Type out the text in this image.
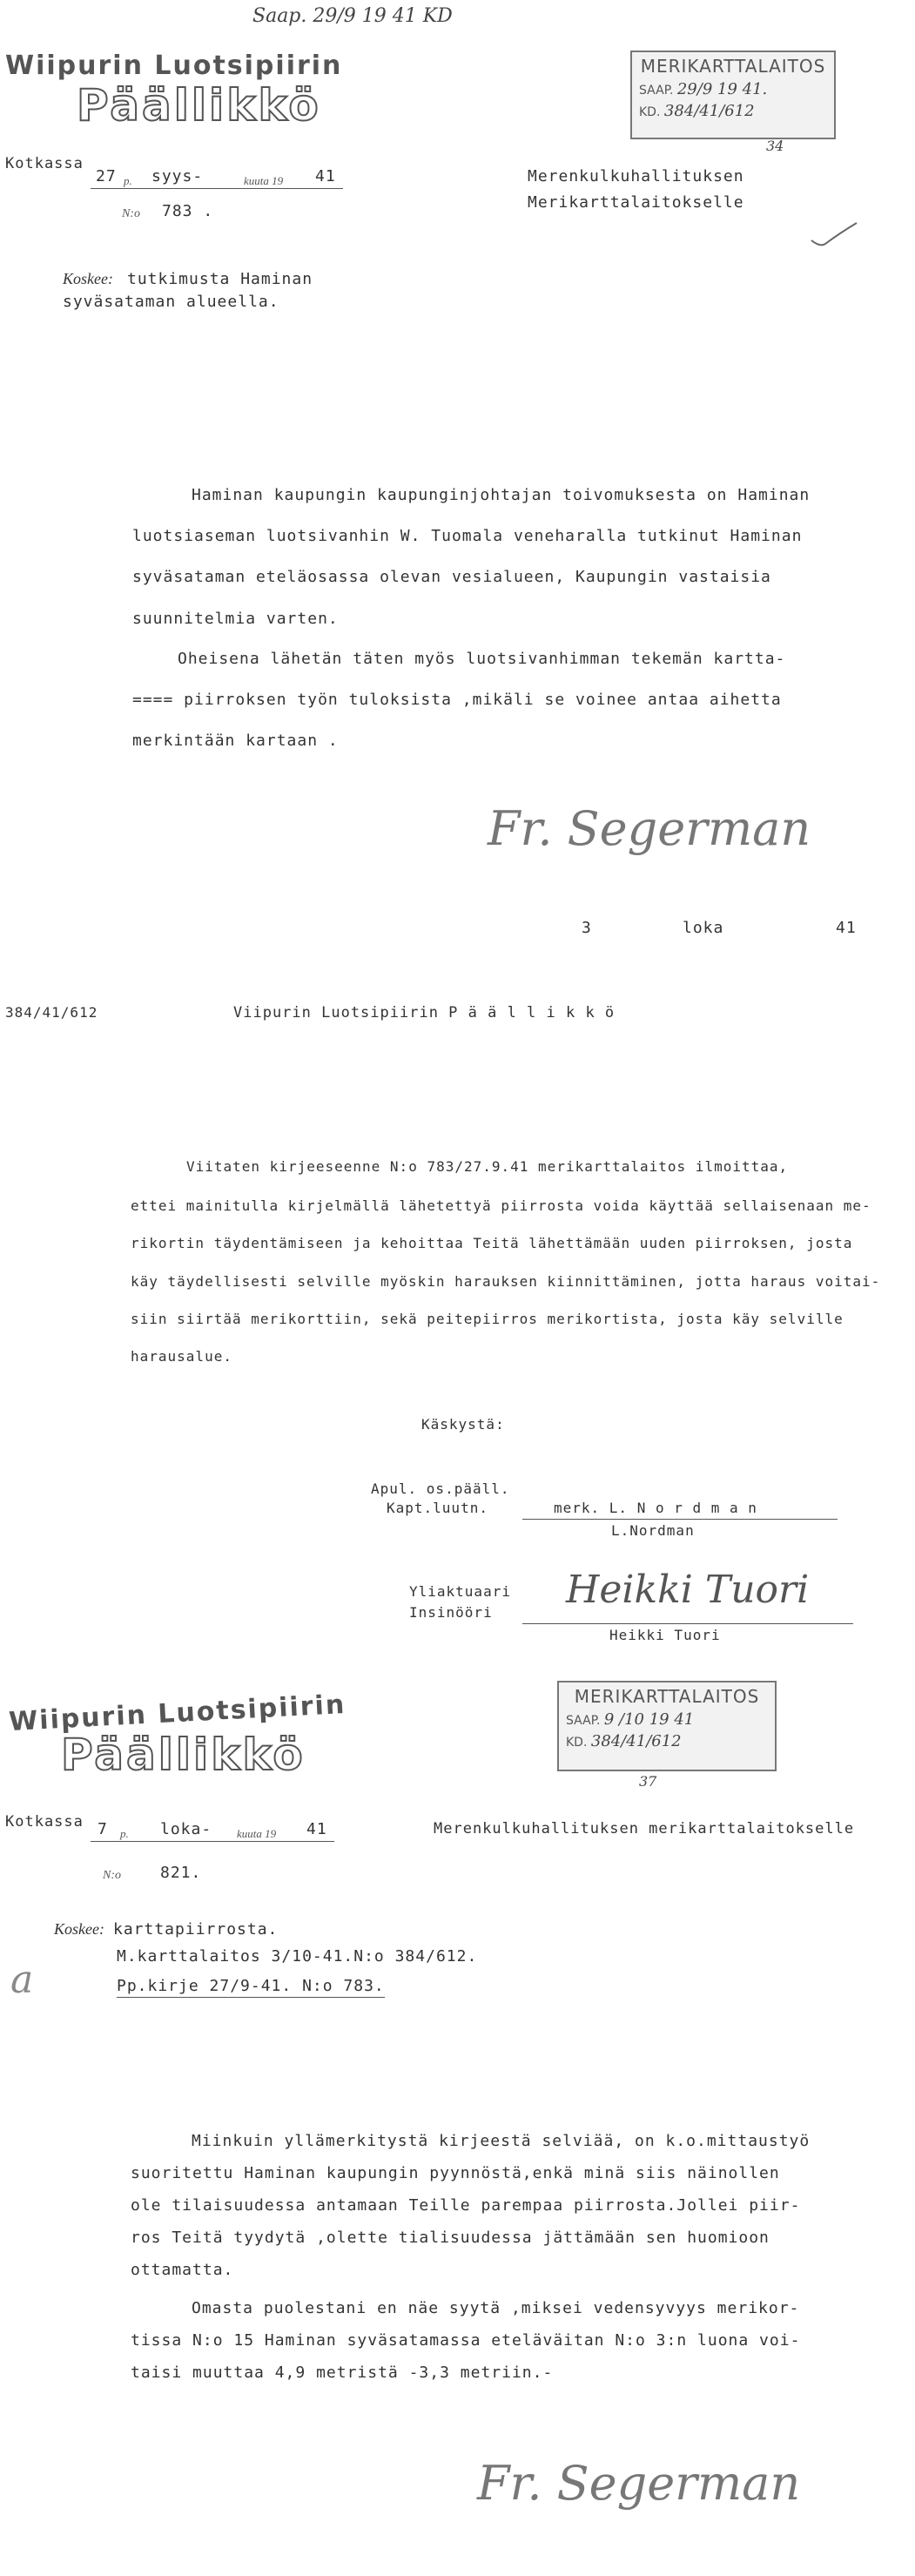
Saap. 29/9 19 41 KD
Wiipurin Luotsipiirin
Päällikkö
MERIKARTTALAITOS
SAAP. 29/9 19 41.
KD. 384/41/612
34
Kotkassa
27 p. syys-	kuuta 19 41
N:o 783 .
Merenkulkuhallituksen
Merikarttalaitokselle
Koskee: tutkimusta Haminan
syväsataman alueella.
Haminan kaupungin kaupunginjohtajan toivomuksesta on Haminan
luotsiaseman luotsivanhin W. Tuomala veneharalla tutkinut Haminan
syväsataman eteläosassa olevan vesialueen, Kaupungin vastaisia
suunnitelmia varten.
Oheisena lähetän täten myös luotsivanhimman tekemän kartta-
==== piirroksen työn tuloksista ,mikäli se voinee antaa aihetta
merkintään kartaan .
Fr. Segerman
3	loka	41
384/41/612	Viipurin Luotsipiirin P ä ä l l i k k ö
Viitaten kirjeeseenne N:o 783/27.9.41 merikarttalaitos ilmoittaa,
ettei mainitulla kirjelmällä lähetettyä piirrosta voida käyttää sellaisenaan me-
rikortin täydentämiseen ja kehoittaa Teitä lähettämään uuden piirroksen, josta
käy täydellisesti selville myöskin harauksen kiinnittäminen, jotta haraus voitai-
siin siirtää merikorttiin, sekä peitepiirros merikortista, josta käy selville
harausalue.
Käskystä:
Apul. os.pääll.
Kapt.luutn.	merk. L. N o r d m a n
L.Nordman
Yliaktuaari
Insinööri
Heikki Tuori
Heikki Tuori
Wiipurin Luotsipiirin
Päällikkö
MERIKARTTALAITOS
SAAP. 9 /10 19 41
KD. 384/41/612
37
Kotkassa 7 p. loka- kuuta 19 41
N:o	821.
Merenkulkuhallituksen merikarttalaitokselle
Koskee: karttapiirrosta.
M.karttalaitos 3/10-41.N:o 384/612.
Pp.kirje 27/9-41. N:o 783.
a
Miinkuin yllämerkitystä kirjeestä selviää, on k.o.mittaustyö
suoritettu Haminan kaupungin pyynnöstä,enkä minä siis näinollen
ole tilaisuudessa antamaan Teille parempaa piirrosta.Jollei piir-
ros Teitä tyydytä ,olette tialisuudessa jättämään sen huomioon
ottamatta.
Omasta puolestani en näe syytä ,miksei vedensyvyys merikor-
tissa N:o 15 Haminan syväsatamassa eteläväitan N:o 3:n luona voi-
taisi muuttaa 4,9 metristä -3,3 metriin.-
Fr. Segerman
